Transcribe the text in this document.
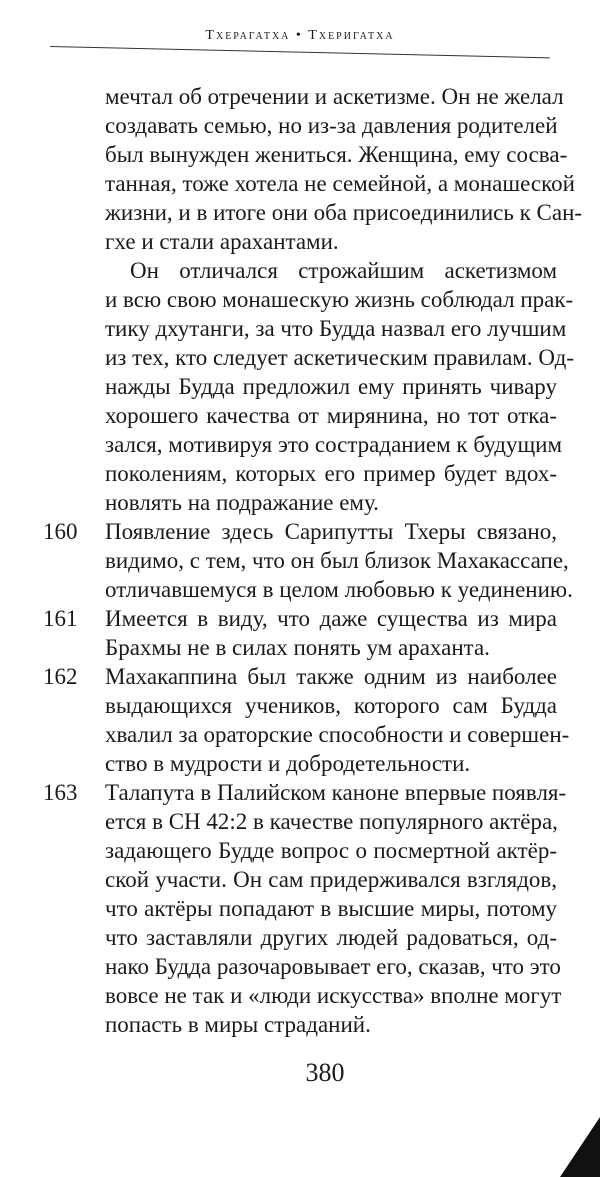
Тхерагатха • Тхеригатха
мечтал об отречении и аскетизме. Он не желал
создавать семью, но из-за давления родителей
был вынужден жениться. Женщина, ему сосва-
танная, тоже хотела не семейной, а монашеской
жизни, и в итоге они оба присоединились к Сан-
гхе и стали арахантами.
Он отличался строжайшим аскетизмом
и всю свою монашескую жизнь соблюдал прак-
тику дхутанги, за что Будда назвал его лучшим
из тех, кто следует аскетическим правилам. Од-
нажды Будда предложил ему принять чивару
хорошего качества от мирянина, но тот отка-
зался, мотивируя это состраданием к будущим
поколениям, которых его пример будет вдох-
новлять на подражание ему.
160 Появление здесь Сарипутты Тхеры связано,
видимо, с тем, что он был близок Махакассапе,
отличавшемуся в целом любовью к уединению.
161 Имеется в виду, что даже существа из мира
Брахмы не в силах понять ум араханта.
162 Махакаппина был также одним из наиболее
выдающихся учеников, которого сам Будда
хвалил за ораторские способности и совершен-
ство в мудрости и добродетельности.
163 Талапута в Палийском каноне впервые появля-
ется в СН 42:2 в качестве популярного актёра,
задающего Будде вопрос о посмертной актёр-
ской участи. Он сам придерживался взглядов,
что актёры попадают в высшие миры, потому
что заставляли других людей радоваться, од-
нако Будда разочаровывает его, сказав, что это
вовсе не так и «люди искусства» вполне могут
попасть в миры страданий.
380
